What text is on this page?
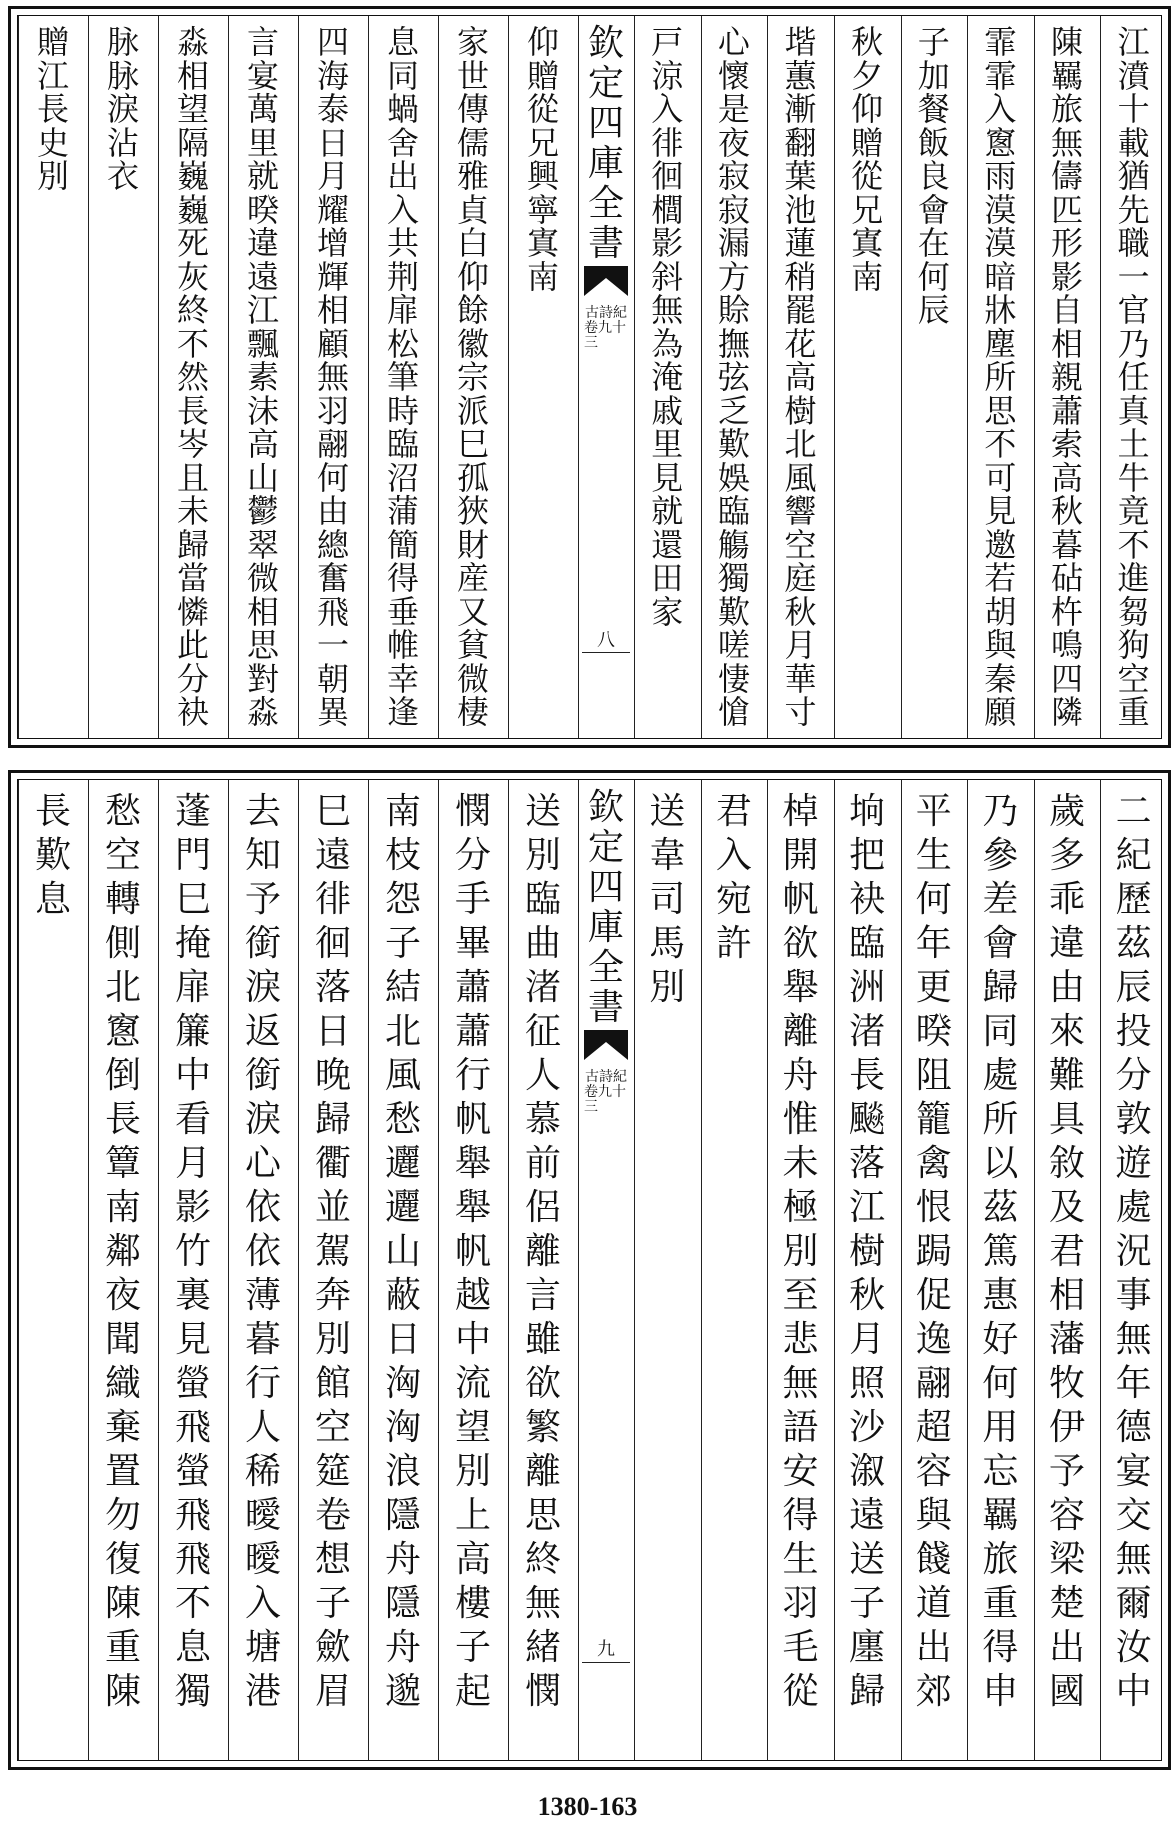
欽
定
四
庫
全
書
古詩紀
卷九十三
八
江
濆
十
載
猶
先
職
一
官
乃
任
真
土
牛
竟
不
進
芻
狗
空
重
陳
羈
旅
無
儔
匹
形
影
自
相
親
蕭
索
高
秋
暮
砧
杵
鳴
四
隣
霏
霏
入
窻
雨
漠
漠
暗
牀
塵
所
思
不
可
見
邀
若
胡
與
秦
願
子
加
餐
飯
良
會
在
何
辰
秋
夕
仰
贈
從
兄
寘
南
堦
蕙
漸
翻
葉
池
蓮
稍
罷
花
高
樹
北
風
響
空
庭
秋
月
華
寸
心
懷
是
夜
寂
寂
漏
方
賒
撫
弦
乏
歎
娛
臨
觴
獨
歎
嗟
悽
愴
戸
涼
入
徘
徊
櫚
影
斜
無
為
淹
戚
里
見
就
還
田
家
仰
贈
從
兄
興
寧
寘
南
家
世
傳
儒
雅
貞
白
仰
餘
徽
宗
派
巳
孤
狹
財
産
又
貧
微
棲
息
同
蝸
舍
出
入
共
荆
扉
松
筆
時
臨
沼
蒲
簡
得
垂
帷
幸
逢
四
海
泰
日
月
耀
增
輝
相
顧
無
羽
翮
何
由
總
奮
飛
一
朝
異
言
宴
萬
里
就
暌
違
遠
江
飄
素
沫
高
山
鬱
翠
微
相
思
對
淼
淼
相
望
隔
巍
巍
死
灰
終
不
然
長
岑
且
未
歸
當
憐
此
分
袂
脉
脉
淚
沾
衣
贈
江
長
史
別
欽
定
四
庫
全
書
古詩紀
卷九十三
九
二
紀
歷
茲
辰
投
分
敦
遊
處
況
事
無
年
德
宴
交
無
爾
汝
中
歲
多
乖
違
由
來
難
具
敘
及
君
相
藩
牧
伊
予
容
梁
楚
出
國
乃
參
差
會
歸
同
處
所
以
茲
篤
惠
好
何
用
忘
羈
旅
重
得
申
平
生
何
年
更
暌
阻
籠
禽
恨
跼
促
逸
翮
超
容
與
餞
道
出
郊
垧
把
袂
臨
洲
渚
長
飈
落
江
樹
秋
月
照
沙
溆
遠
送
子
廛
歸
棹
開
帆
欲
舉
離
舟
惟
未
極
別
至
悲
無
語
安
得
生
羽
毛
從
君
入
宛
許
送
韋
司
馬
別
送
別
臨
曲
渚
征
人
慕
前
侶
離
言
雖
欲
繁
離
思
終
無
緒
憫
憫
分
手
畢
蕭
蕭
行
帆
舉
舉
帆
越
中
流
望
別
上
高
樓
子
起
南
枝
怨
子
結
北
風
愁
邐
邐
山
蔽
日
洶
洶
浪
隱
舟
隱
舟
邈
巳
遠
徘
徊
落
日
晚
歸
衢
並
駕
奔
別
館
空
筵
卷
想
子
歛
眉
去
知
予
銜
淚
返
銜
淚
心
依
依
薄
暮
行
人
稀
曖
曖
入
塘
港
蓬
門
巳
掩
扉
簾
中
看
月
影
竹
裏
見
螢
飛
螢
飛
飛
不
息
獨
愁
空
轉
側
北
窻
倒
長
簟
南
鄰
夜
聞
織
棄
置
勿
復
陳
重
陳
長
歎
息
1380-163
